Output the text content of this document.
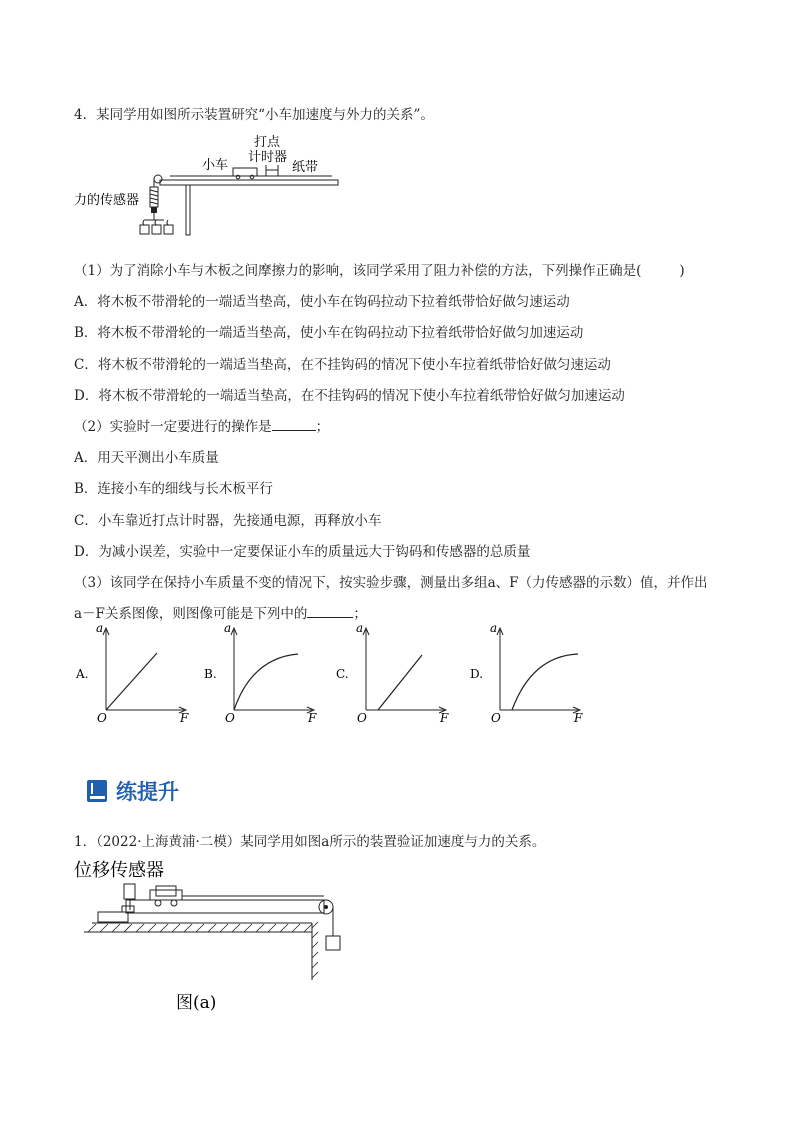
4．某同学用如图所示装置研究“小车加速度与外力的关系”。
打点
计时器
小车	纸带
力的传感器
（1）为了消除小车与木板之间摩擦力的影响，该同学采用了阻力补偿的方法，下列操作正确是(	)
A．将木板不带滑轮的一端适当垫高，使小车在钩码拉动下拉着纸带恰好做匀速运动
B．将木板不带滑轮的一端适当垫高，使小车在钩码拉动下拉着纸带恰好做匀加速运动
C．将木板不带滑轮的一端适当垫高，在不挂钩码的情况下使小车拉着纸带恰好做匀速运动
D．将木板不带滑轮的一端适当垫高，在不挂钩码的情况下使小车拉着纸带恰好做匀加速运动
（2）实验时一定要进行的操作是	；
A．用天平测出小车质量
B．连接小车的细线与长木板平行
C．小车靠近打点计时器，先接通电源，再释放小车
D．为减小误差，实验中一定要保证小车的质量远大于钩码和传感器的总质量
（3）该同学在保持小车质量不变的情况下，按实验步骤，测量出多组a、F（力传感器的示数）值，并作出
a－F关系图像，则图像可能是下列中的	；
A.
a
O	F
B.
a
O	F
C.
a
O	F
D.
a
O	F
练提升
1．（2022·上海黄浦·二模）某同学用如图a所示的装置验证加速度与力的关系。
位移传感器
图(a)
